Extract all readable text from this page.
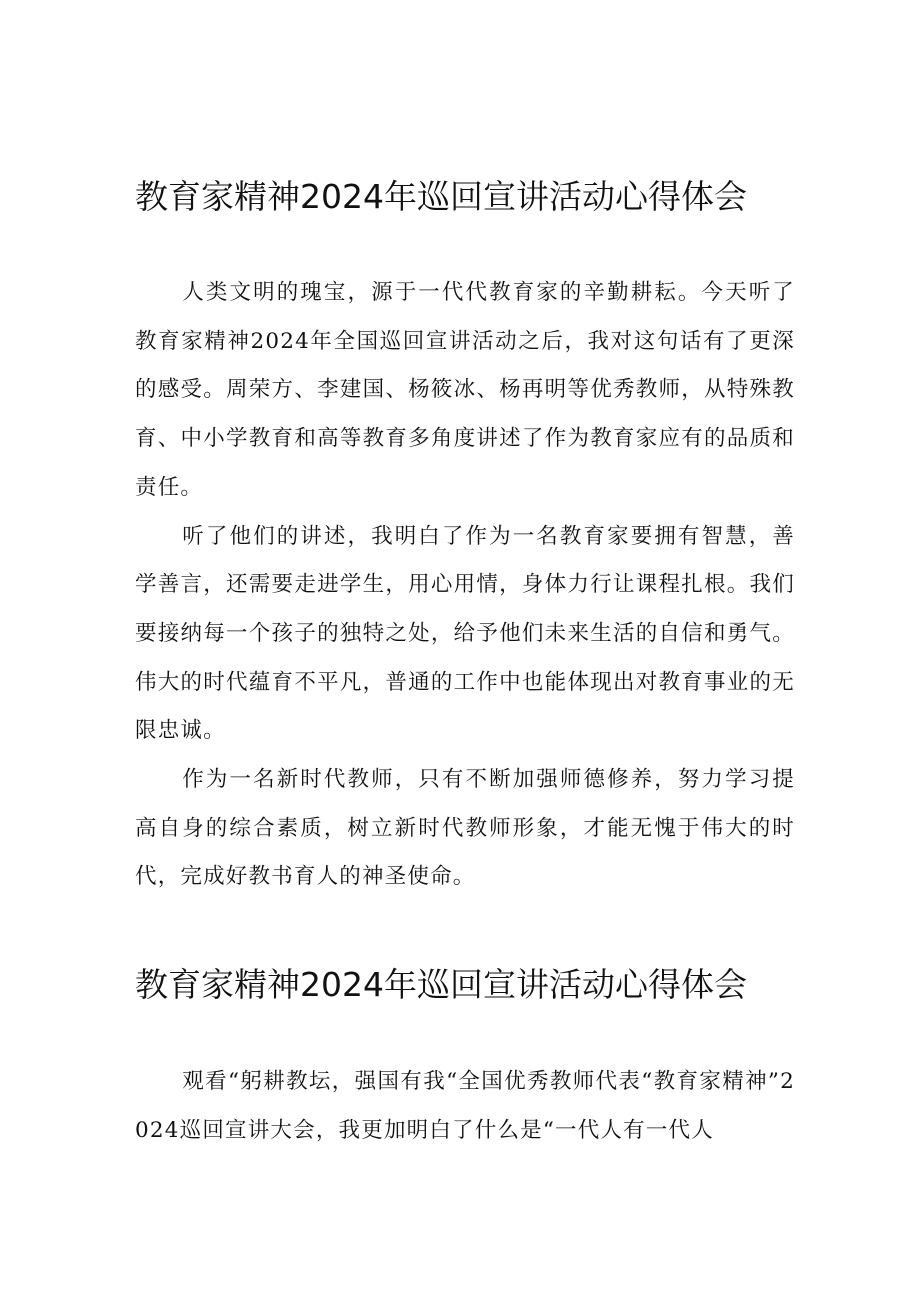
教育家精神2024年巡回宣讲活动心得体会

人类文明的瑰宝，源于一代代教育家的辛勤耕耘。今天听了教育家精神2024年全国巡回宣讲活动之后，我对这句话有了更深的感受。周荣方、李建国、杨筱冰、杨再明等优秀教师，从特殊教育、中小学教育和高等教育多角度讲述了作为教育家应有的品质和责任。

听了他们的讲述，我明白了作为一名教育家要拥有智慧，善学善言，还需要走进学生，用心用情，身体力行让课程扎根。我们要接纳每一个孩子的独特之处，给予他们未来生活的自信和勇气。伟大的时代蕴育不平凡，普通的工作中也能体现出对教育事业的无限忠诚。

作为一名新时代教师，只有不断加强师德修养，努力学习提高自身的综合素质，树立新时代教师形象，才能无愧于伟大的时代，完成好教书育人的神圣使命。

教育家精神2024年巡回宣讲活动心得体会

观看“躬耕教坛，强国有我“全国优秀教师代表“教育家精神”2024巡回宣讲大会，我更加明白了什么是“一代人有一代人
